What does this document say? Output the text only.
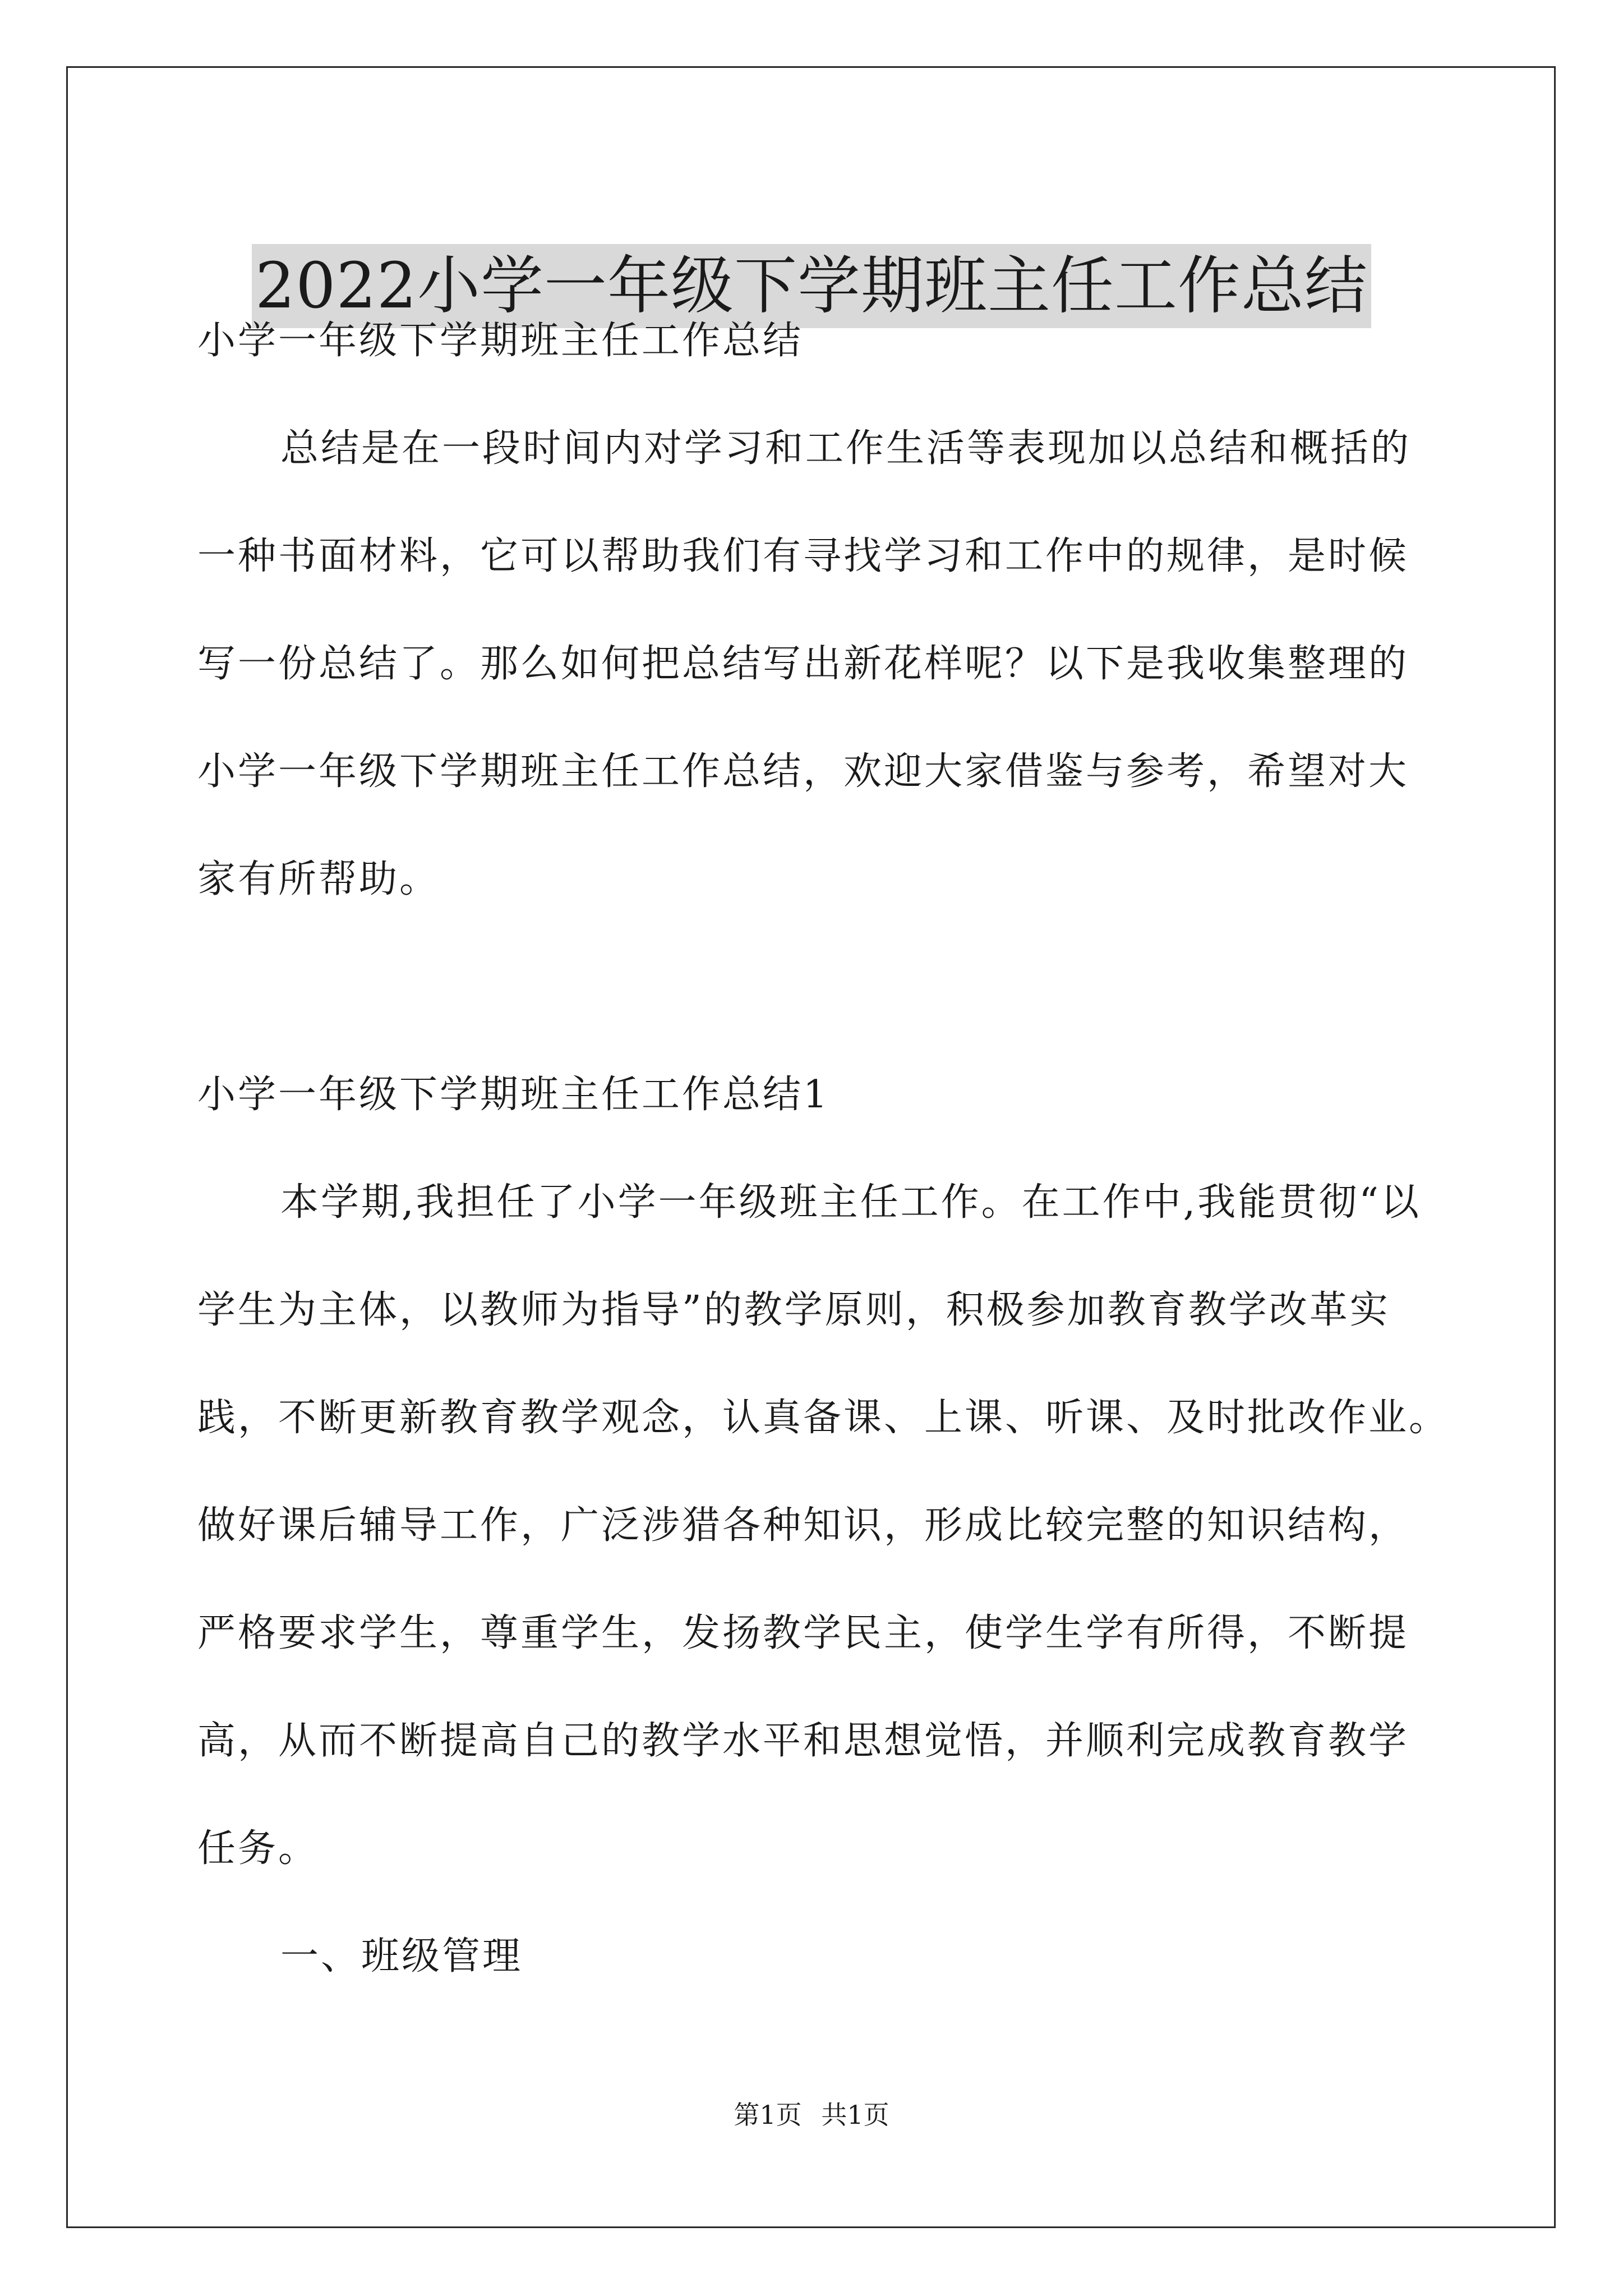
2022小学一年级下学期班主任工作总结
小学一年级下学期班主任工作总结
总结是在一段时间内对学习和工作生活等表现加以总结和概括的
一种书面材料，它可以帮助我们有寻找学习和工作中的规律，是时候
写一份总结了。那么如何把总结写出新花样呢？以下是我收集整理的
小学一年级下学期班主任工作总结，欢迎大家借鉴与参考，希望对大
家有所帮助。
小学一年级下学期班主任工作总结1
本学期,我担任了小学一年级班主任工作。在工作中,我能贯彻“以
学生为主体，以教师为指导”的教学原则，积极参加教育教学改革实
践，不断更新教育教学观念，认真备课、上课、听课、及时批改作业。
做好课后辅导工作，广泛涉猎各种知识，形成比较完整的知识结构，
严格要求学生，尊重学生，发扬教学民主，使学生学有所得，不断提
高，从而不断提高自己的教学水平和思想觉悟，并顺利完成教育教学
任务。
一、班级管理
第1页 共1页
